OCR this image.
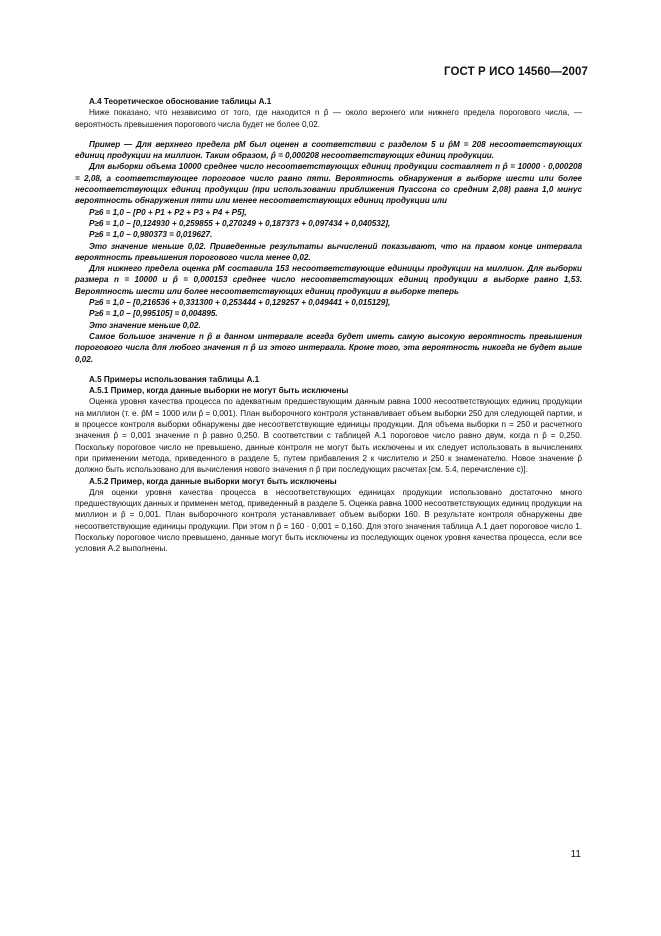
ГОСТ Р ИСО 14560—2007

А.4 Теоретическое обоснование таблицы А.1

Ниже показано, что независимо от того, где находится n p̂ — около верхнего или нижнего предела порогового числа, — вероятность превышения порогового числа будет не более 0,02.

Пример — Для верхнего предела pM был оценен в соответствии с разделом 5 и p̂M = 208 несоответствующих единиц продукции на миллион. Таким образом, p̂ = 0,000208 несоответствующих единиц продукции.

Для выборки объема 10000 среднее число несоответствующих единиц продукции составляет n p̂ = 10000 · 0,000208 = 2,08, а соответствующее пороговое число равно пяти. Вероятность обнаружения в выборке шести или более несоответствующих единиц продукции (при использовании приближения Пуассона со средним 2,08) равна 1,0 минус вероятность обнаружения пяти или менее несоответствующих единиц продукции или

P≥6 = 1,0 – [P0 + P1 + P2 + P3 + P4 + P5],

P≥6 = 1,0 – [0,124930 + 0,259855 + 0,270249 + 0,187373 + 0,097434 + 0,040532],

P≥6 = 1,0 – 0,980373 = 0,019627.

Это значение меньше 0,02. Приведенные результаты вычислений показывают, что на правом конце интервала вероятность превышения порогового числа менее 0,02.

Для нижнего предела оценка pM составила 153 несоответствующие единицы продукции на миллион. Для выборки размера n = 10000 и p̂ = 0,000153 среднее число несоответствующих единиц продукции в выборке равно 1,53. Вероятность шести или более несоответствующих единиц продукции в выборке теперь

P≥6 = 1,0 – [0,216536 + 0,331300 + 0,253444 + 0,129257 + 0,049441 + 0,015129],

P≥6 = 1,0 – [0,995105] = 0,004895.

Это значение меньше 0,02.

Самое большое значение n p̂ в данном интервале всегда будет иметь самую высокую вероятность превышения порогового числа для любого значения n p̂ из этого интервала. Кроме того, эта вероятность никогда не будет выше 0,02.

А.5 Примеры использования таблицы А.1

А.5.1 Пример, когда данные выборки не могут быть исключены

Оценка уровня качества процесса по адекватным предшествующим данным равна 1000 несоответствующих единиц продукции на миллион (т. е. p̂M = 1000 или p̂ = 0,001). План выборочного контроля устанавливает объем выборки 250 для следующей партии, и в процессе контроля выборки обнаружены две несоответствующие единицы продукции. Для объема выборки n = 250 и расчетного значения p̂ = 0,001 значение n p̂ равно 0,250. В соответствии с таблицей А.1 пороговое число равно двум, когда n p̂ = 0,250. Поскольку пороговое число не превышено, данные контроля не могут быть исключены и их следует использовать в вычислениях при применении метода, приведенного в разделе 5, путем прибавления 2 к числителю и 250 к знаменателю. Новое значение p̂ должно быть использовано для вычисления нового значения n p̂ при последующих расчетах [см. 5.4, перечисление с)].

А.5.2 Пример, когда данные выборки могут быть исключены

Для оценки уровня качества процесса в несоответствующих единицах продукции использовано достаточно много предшествующих данных и применен метод, приведенный в разделе 5. Оценка равна 1000 несоответствующих единиц продукции на миллион и p̂ = 0,001. План выборочного контроля устанавливает объем выборки 160. В результате контроля обнаружены две несоответствующие единицы продукции. При этом n p̂ = 160 · 0,001 = 0,160. Для этого значения таблица А.1 дает пороговое число 1. Поскольку пороговое число превышено, данные могут быть исключены из последующих оценок уровня качества процесса, если все условия А.2 выполнены.

11
